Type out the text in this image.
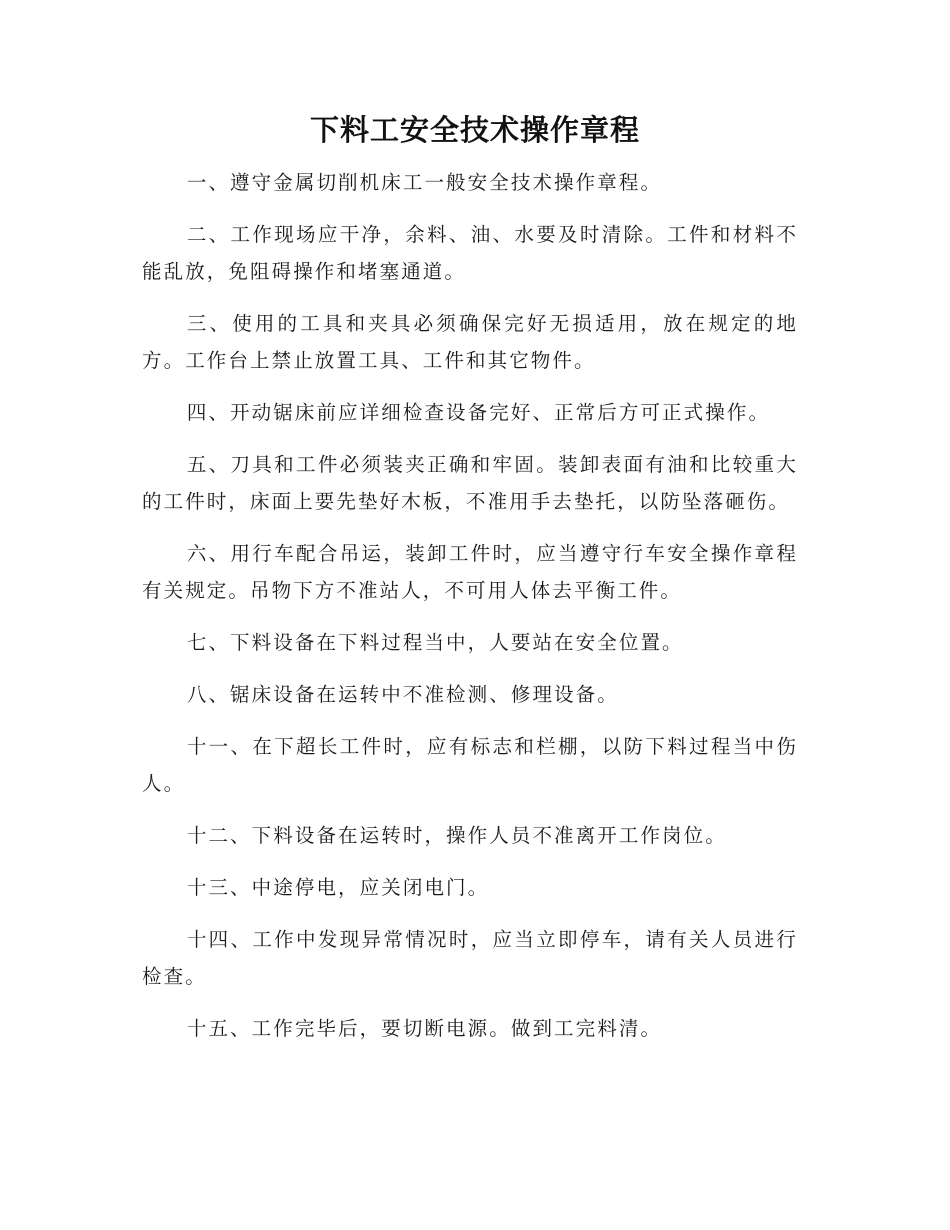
下料工安全技术操作章程

一、遵守金属切削机床工一般安全技术操作章程。

二、工作现场应干净，余料、油、水要及时清除。工件和材料不能乱放，免阻碍操作和堵塞通道。

三、使用的工具和夹具必须确保完好无损适用，放在规定的地方。工作台上禁止放置工具、工件和其它物件。

四、开动锯床前应详细检查设备完好、正常后方可正式操作。

五、刀具和工件必须装夹正确和牢固。装卸表面有油和比较重大的工件时，床面上要先垫好木板，不准用手去垫托，以防坠落砸伤。

六、用行车配合吊运，装卸工件时，应当遵守行车安全操作章程有关规定。吊物下方不准站人，不可用人体去平衡工件。

七、下料设备在下料过程当中，人要站在安全位置。

八、锯床设备在运转中不准检测、修理设备。

十一、在下超长工件时，应有标志和栏棚，以防下料过程当中伤人。

十二、下料设备在运转时，操作人员不准离开工作岗位。

十三、中途停电，应关闭电门。

十四、工作中发现异常情况时，应当立即停车，请有关人员进行检查。

十五、工作完毕后，要切断电源。做到工完料清。
